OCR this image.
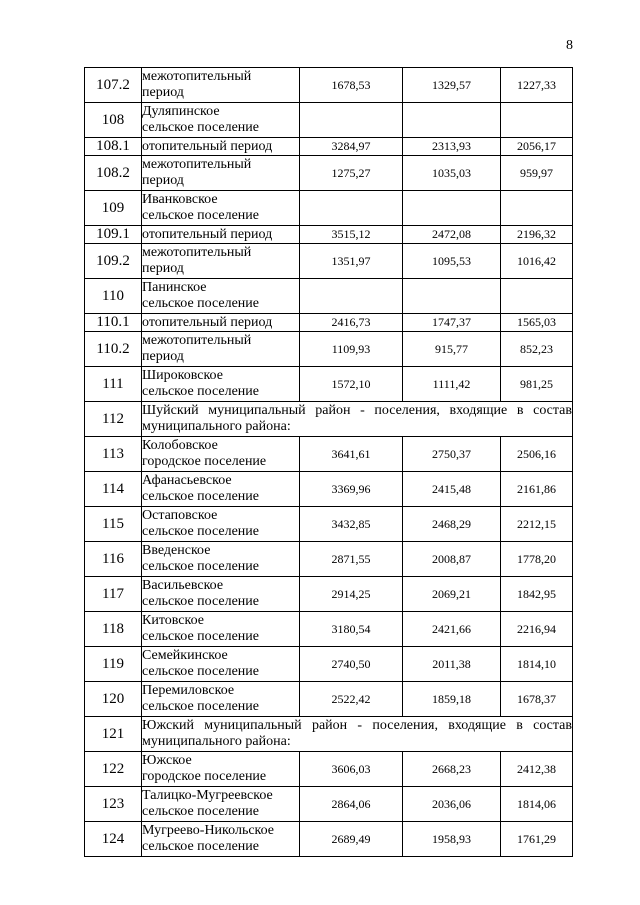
8
107.2	межотопительный
период	1678,53	1329,57	1227,33
108	Дуляпинское
сельское поселение			

108.1	отопительный период	3284,97	2313,93	2056,17
108.2	межотопительный
период	1275,27	1035,03	959,97
109	Иванковское
сельское поселение			

109.1	отопительный период	3515,12	2472,08	2196,32
109.2	межотопительный
период	1351,97	1095,53	1016,42
110	Панинское
сельское поселение			

110.1	отопительный период	2416,73	1747,37	1565,03
110.2	межотопительный
период	1109,93	915,77	852,23
111	Широковское
сельское поселение	1572,10	1111,42	981,25
112	Шуйский муниципальный район - поселения, входящие в состав муниципального района:			
113	Колобовское
городское поселение	3641,61	2750,37	2506,16
114	Афанасьевское
сельское поселение	3369,96	2415,48	2161,86
115	Остаповское
сельское поселение	3432,85	2468,29	2212,15
116	Введенское
сельское поселение	2871,55	2008,87	1778,20
117	Васильевское
сельское поселение	2914,25	2069,21	1842,95
118	Китовское
сельское поселение	3180,54	2421,66	2216,94
119	Семейкинское
сельское поселение	2740,50	2011,38	1814,10
120	Перемиловское
сельское поселение	2522,42	1859,18	1678,37
121	Южский муниципальный район - поселения, входящие в состав муниципального района:			
122	Южское
городское поселение	3606,03	2668,23	2412,38
123	Талицко-Мугреевское
сельское поселение	2864,06	2036,06	1814,06
124	Мугреево-Никольское
сельское поселение	2689,49	1958,93	1761,29
